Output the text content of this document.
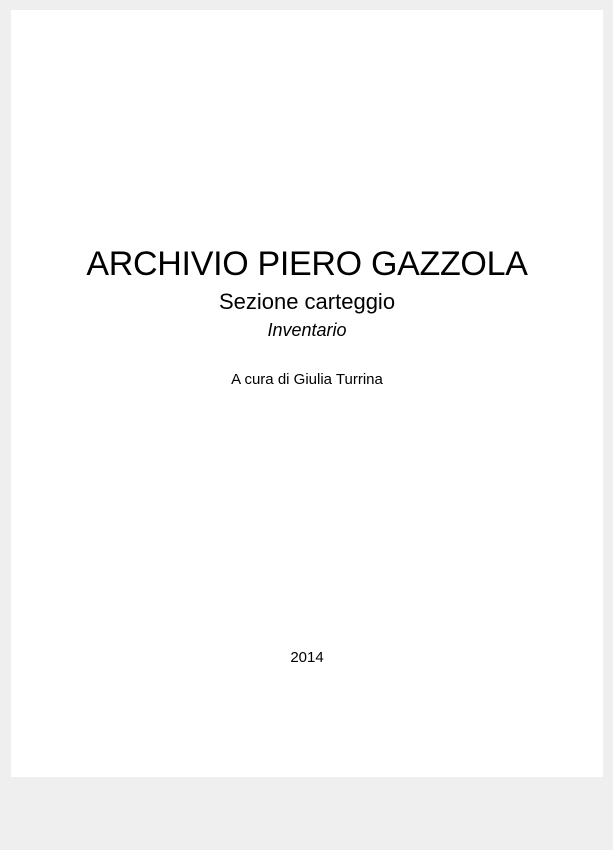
ARCHIVIO PIERO GAZZOLA
Sezione carteggio
Inventario
A cura di Giulia Turrina
2014
